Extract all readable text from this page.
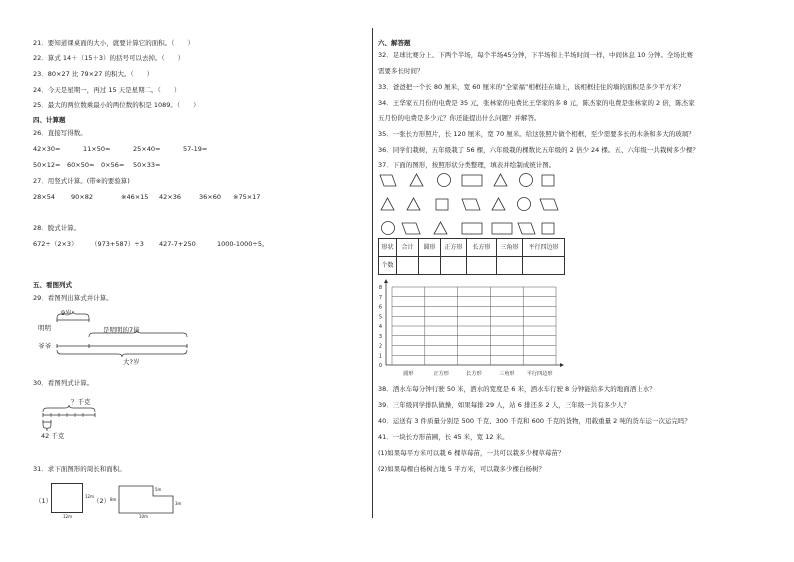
21．要知道课桌面的大小，就要计算它的面积。（　　）
22．算式 14＋（15＋3）的括号可以去掉。（　　）
23．80×27 比 79×27 的积大。（　　）
24．今天是星期一，再过 15 天是星期二。（　　）
25．最大的两位数乘最小的两位数的积是 1089。（　　）
四、计算题
26．直接写得数。
42×30=	11×50=	25×40=	57-19=
50×12= 60×50= 0×56= 50×33=
27．用竖式计算。(带※的要验算)
28×54 90×82	※46×15 42×36	36×60 ※75×17
28．脱式计算。
672÷（2×3） （973+587）÷3 427-7+250	1000-1000÷5。
五、看图列式
29．看图列出算式并计算。
9岁
明明	是明明的7倍
爷爷
大?岁
30．看图列式计算。
？千克
42 千克
31．求下面图形的周长和面积。
（1）
12m
12m
（2）
5m
3m
8m
10m
六、解答题
32．足球比赛分上、下两个半场，每个半场45分钟，下半场和上半场时间一样，中间休息 10 分钟。全场比赛
需要多长时间？
33．爸爸把一个长 80 厘米，宽 60 厘米的“全家福”相框挂在墙上，该相框挂住的墙的面积是多少平方米？
34．王华家五月份的电费是 35 元，张林家的电费比王华家的多 8 元，陈杰家的电费是张林家的 2 倍，陈杰家
五月份的电费是多少元？你还能提出什么问题？并解答。
35．一张长方形照片，长 120 厘米，宽 70 厘米。给这张照片做个相框，至少需要多长的木条和多大的玻璃？
36．同学们栽树，五年级栽了 56 棵，六年级栽的棵数比五年级的 2 倍少 24 棵。五、六年级一共栽树多少棵？
37．下面的图形，按照形状分类整理，填表并绘制成统计图。
形状	合计	圆形	正方形	长方形	三角形	平行四边形
个数						
0
1
2
3
4
5
6
7
8
圆形	正方形	长方形	三角形 平行四边形
38．洒水车每分钟行驶 50 米，洒水的宽度是 6 米，洒水车行驶 8 分钟能给多大的地面洒上水？
39．三年级同学排队做操，如果每排 29 人，站 6 排还多 2 人，三年级一共有多少人？
40．运送有 3 件质量分别是 500 千克、300 千克和 600 千克的货物，用载重量 2 吨的货车运一次运完吗？
41．一块长方形苗圃，长 45 米，宽 12 米。
(1)如果每平方米可以栽 6 棵草莓苗，一共可以栽多少棵草莓苗？
(2)如果每棵白杨树占地 5 平方米，可以栽多少棵白杨树？
